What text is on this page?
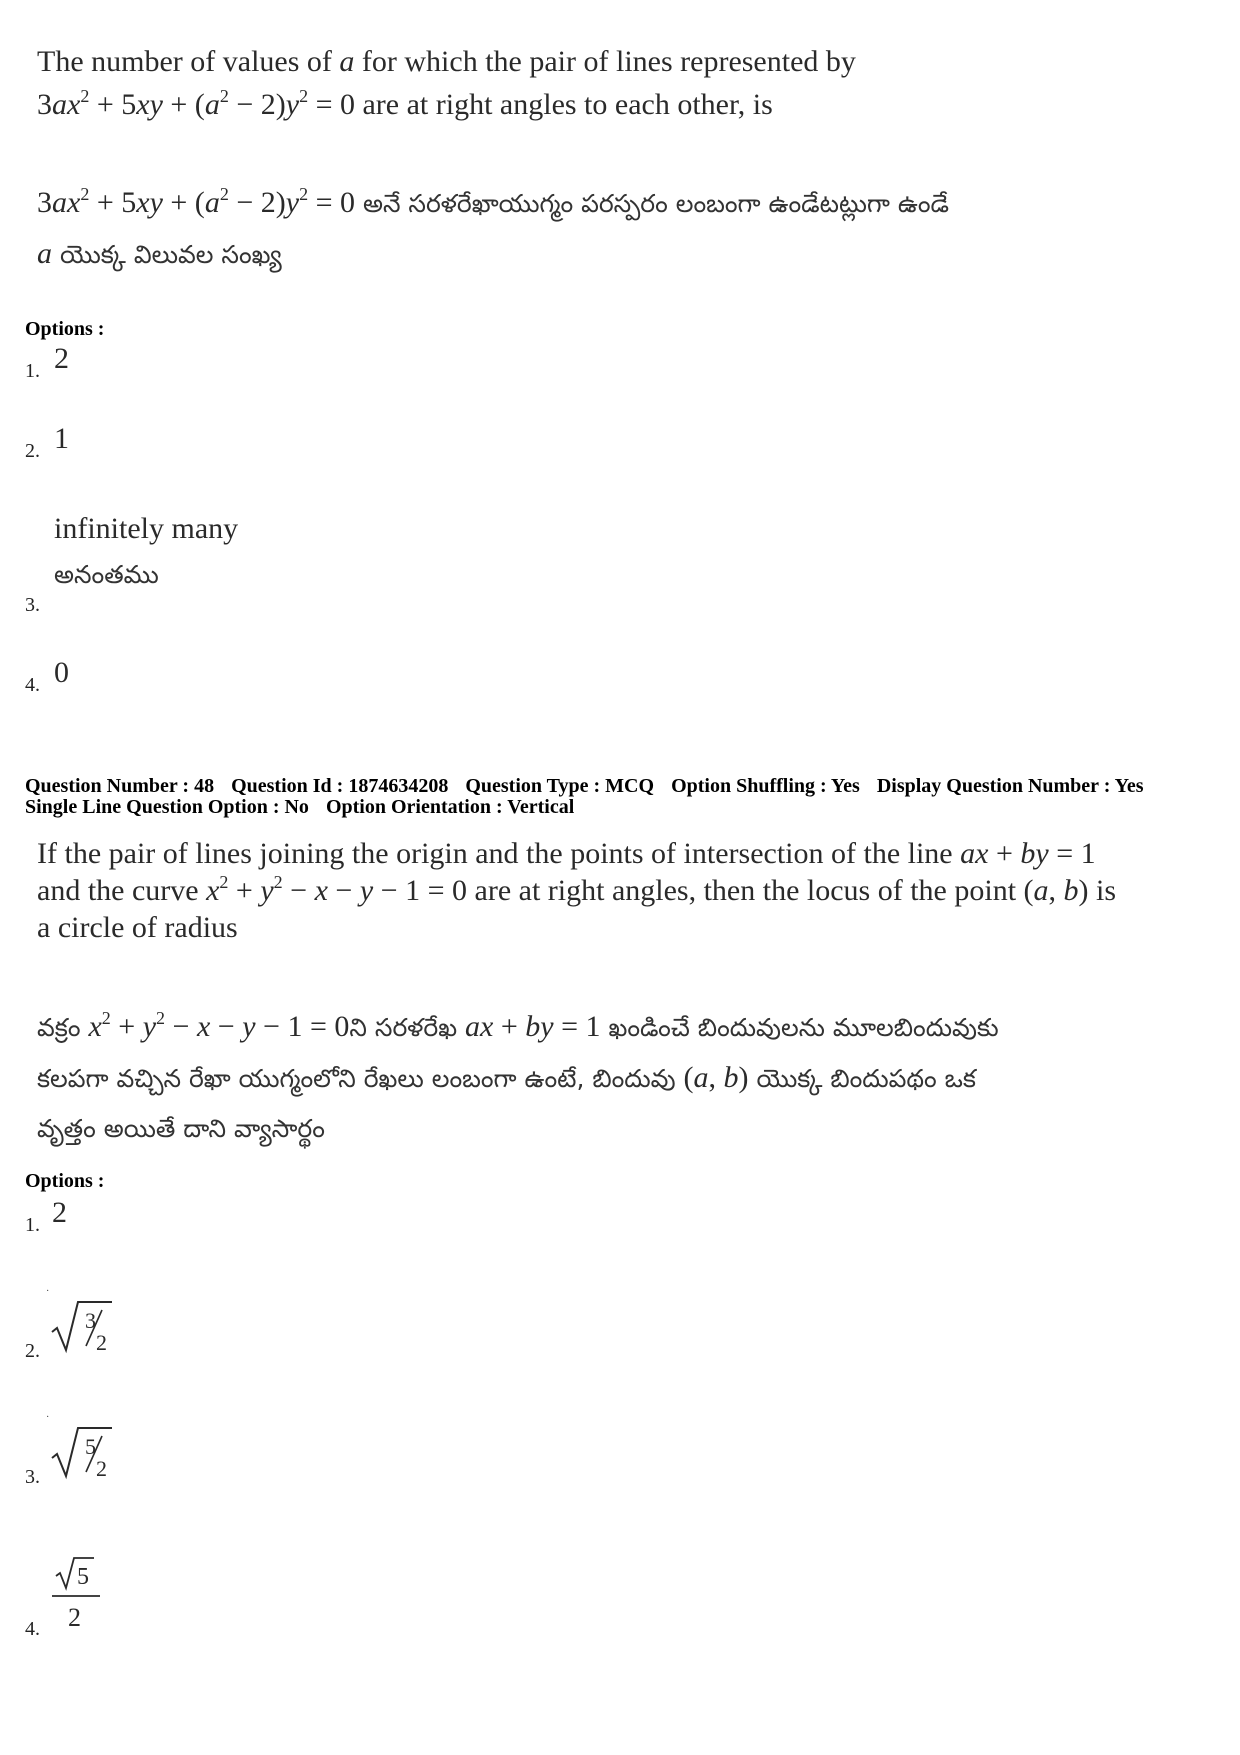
The number of values of a for which the pair of lines represented by
$3ax^2 + 5xy + (a^2 - 2)y^2 = 0$ are at right angles to each other, is
$3ax^2 + 5xy + (a^2 - 2)y^2 = 0$ అనే సరళరేఖాయుగ్మం పరస్పరం లంబంగా ఉండేటట్లుగా ఉండే
a యొక్క విలువల సంఖ్య
Options :
1. 2
2. 1
infinitely many
అనంతము
3.
4. 0
Question Number : 48 Question Id : 1874634208 Question Type : MCQ Option Shuffling : Yes Display Question Number : Yes
Single Line Question Option : No Option Orientation : Vertical
If the pair of lines joining the origin and the points of intersection of the line ax + by = 1
and the curve $x^2 + y^2 - x - y - 1 = 0$ are at right angles, then the locus of the point (a, b) is
a circle of radius
వక్రం $x^2 + y^2 - x - y - 1$ = 0ని సరళరేఖ ax + by = 1 ఖండించే బిందువులను మూలబిందువుకు
కలపగా వచ్చిన రేఖా యుగ్మంలోని రేఖలు లంబంగా ఉంటే, బిందువు (a, b) యొక్క బిందుపథం ఒక
వృత్తం అయితే దాని వ్యాసార్థం
Options :
1. 2
2.
·
3
2
3.
·
5
2
4.
5
2
